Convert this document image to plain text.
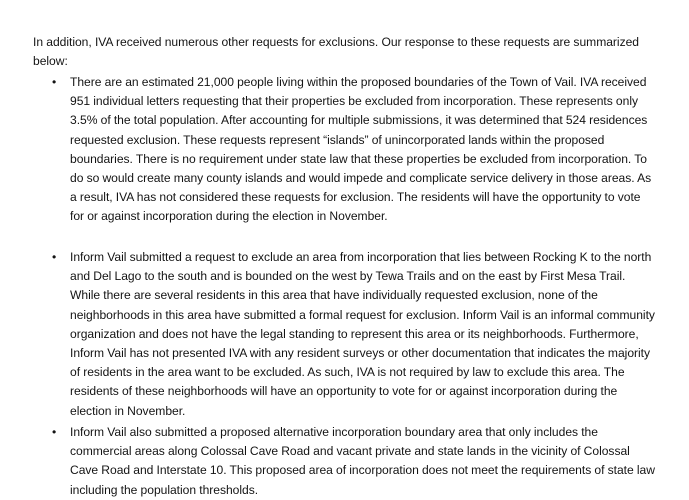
In addition, IVA received numerous other requests for exclusions. Our response to these requests are summarized below:

•	There are an estimated 21,000 people living within the proposed boundaries of the Town of Vail. IVA received 951 individual letters requesting that their properties be excluded from incorporation. These represents only 3.5% of the total population. After accounting for multiple submissions, it was determined that 524 residences requested exclusion. These requests represent “islands” of unincorporated lands within the proposed boundaries. There is no requirement under state law that these properties be excluded from incorporation. To do so would create many county islands and would impede and complicate service delivery in those areas. As a result, IVA has not considered these requests for exclusion. The residents will have the opportunity to vote for or against incorporation during the election in November.
•	Inform Vail submitted a request to exclude an area from incorporation that lies between Rocking K to the north and Del Lago to the south and is bounded on the west by Tewa Trails and on the east by First Mesa Trail. While there are several residents in this area that have individually requested exclusion, none of the neighborhoods in this area have submitted a formal request for exclusion. Inform Vail is an informal community organization and does not have the legal standing to represent this area or its neighborhoods. Furthermore, Inform Vail has not presented IVA with any resident surveys or other documentation that indicates the majority of residents in the area want to be excluded. As such, IVA is not required by law to exclude this area. The residents of these neighborhoods will have an opportunity to vote for or against incorporation during the election in November.
•	Inform Vail also submitted a proposed alternative incorporation boundary area that only includes the commercial areas along Colossal Cave Road and vacant private and state lands in the vicinity of Colossal Cave Road and Interstate 10. This proposed area of incorporation does not meet the requirements of state law including the population thresholds.
